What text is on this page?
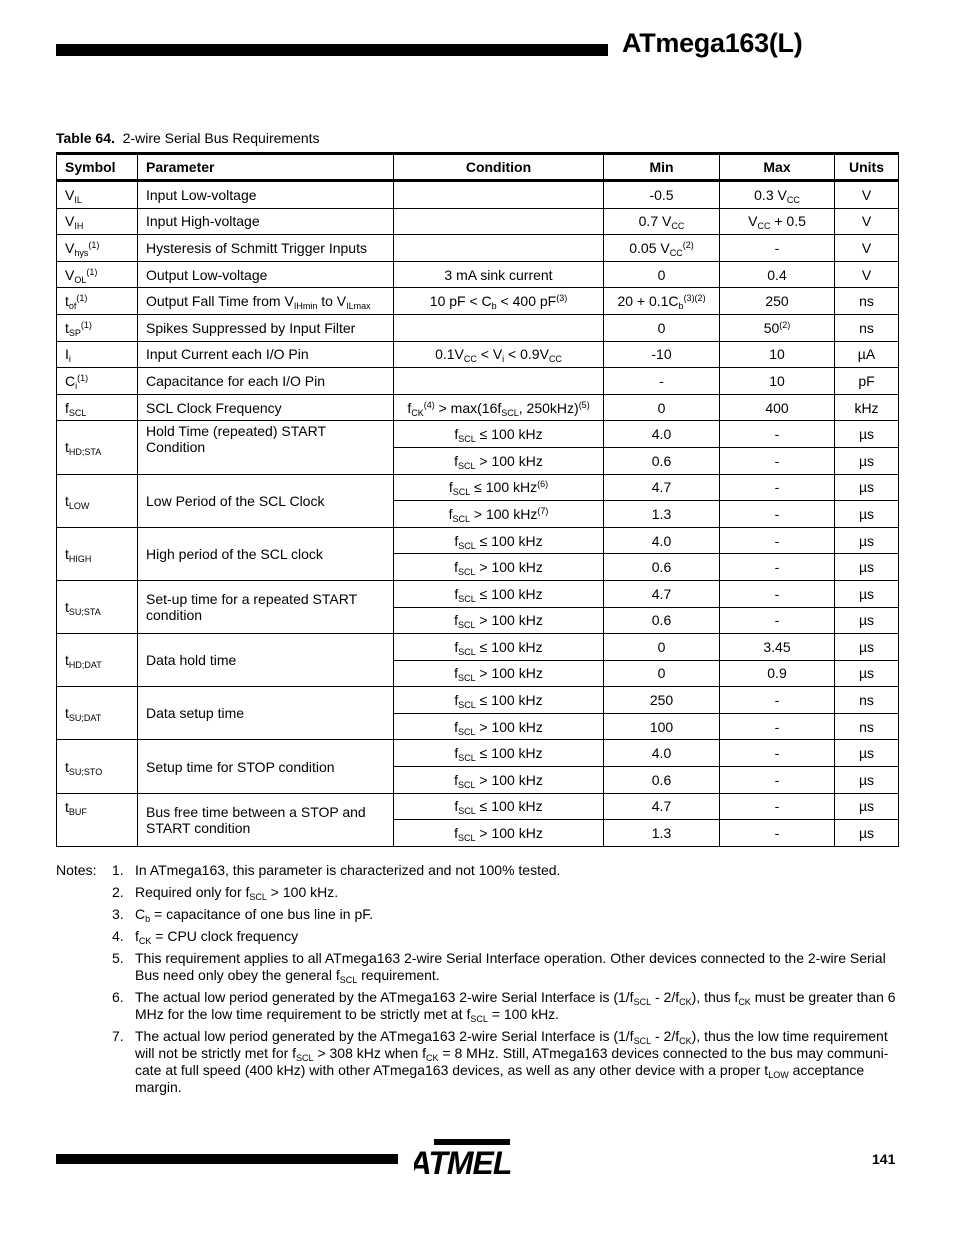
ATmega163(L)
Table 64. 2-wire Serial Bus Requirements
Symbol	Parameter	Condition	Min	Max	Units
$V_{IL}$	Input Low-voltage		-0.5	0.3 $V_{CC}$	V
$V_{IH}$	Input High-voltage		0.7 $V_{CC}$	$V_{CC} + 0.5$	V
$V_{hys}^{(1)}$	Hysteresis of Schmitt Trigger Inputs		0.05 $V_{CC}^{(2)}$	-	V
$V_{OL}^{(1)}$	Output Low-voltage	3 mA sink current	0	0.4	V
$t_{of}^{(1)}$	Output Fall Time from $V_{IHmin}$ to $V_{ILmax}$	10 pF < $C_b < 400$ $pF^{(3)}$	$20 + 0.1C_b^{(3)(2)}$	250	ns
$t_{SP}^{(1)}$	Spikes Suppressed by Input Filter		0	50$^{(2)}$	ns
$I_i$	Input Current each I/O Pin	$0.1V_{CC} < V_i < 0.9V_{CC}$	-10	10	µA
$C_i^{(1)}$	Capacitance for each I/O Pin		-	10	pF
$f_{SCL}$	SCL Clock Frequency	$f_{CK}^{(4)} > \max(16f_{SCL}$, 250kHz)$^{(5)}$	0	400	kHz
$t_{HD;STA}$	Hold Time (repeated) START Condition	$f_{SCL} \le 100$ kHz	4.0	-	µs
		$f_{SCL} > 100$ kHz	0.6	-	µs
$t_{LOW}$	Low Period of the SCL Clock	$f_{SCL} \le 100$ kHz$^{(6)}$	4.7	-	µs
		$f_{SCL} > 100$ kHz$^{(7)}$	1.3	-	µs
$t_{HIGH}$	High period of the SCL clock	$f_{SCL} \le 100$ kHz	4.0	-	µs
		$f_{SCL} > 100$ kHz	0.6	-	µs
$t_{SU;STA}$	Set-up time for a repeated START condition	$f_{SCL} \le 100$ kHz	4.7	-	µs
		$f_{SCL} > 100$ kHz	0.6	-	µs
$t_{HD;DAT}$	Data hold time	$f_{SCL} \le 100$ kHz	0	3.45	µs
		$f_{SCL} > 100$ kHz	0	0.9	µs
$t_{SU;DAT}$	Data setup time	$f_{SCL} \le 100$ kHz	250	-	ns
		$f_{SCL} > 100$ kHz	100	-	ns
$t_{SU;STO}$	Setup time for STOP condition	$f_{SCL} \le 100$ kHz	4.0	-	µs
		$f_{SCL} > 100$ kHz	0.6	-	µs
$t_{BUF}$	Bus free time between a STOP and START condition	$f_{SCL} \le 100$ kHz	4.7	-	µs
		$f_{SCL} > 100$ kHz	1.3	-	µs
Notes: 1. In ATmega163, this parameter is characterized and not 100% tested.
2. Required only for $f_{SCL} > 100$ kHz.
3. $C_b$ = capacitance of one bus line in pF.
4. $f_{CK}$ = CPU clock frequency
5. This requirement applies to all ATmega163 2-wire Serial Interface operation. Other devices connected to the 2-wire Serial Bus need only obey the general $f_{SCL}$ requirement.
6. The actual low period generated by the ATmega163 2-wire Serial Interface is $(1/f_{SCL} - 2/f_{CK})$, thus $f_{CK}$ must be greater than 6 MHz for the low time requirement to be strictly met at $f_{SCL} = 100$ kHz.
7. The actual low period generated by the ATmega163 2-wire Serial Interface is $(1/f_{SCL} - 2/f_{CK})$, thus the low time requirement will not be strictly met for $f_{SCL} > 308$ kHz when $f_{CK} = 8$ MHz. Still, ATmega163 devices connected to the bus may communi-cate at full speed (400 kHz) with other ATmega163 devices, as well as any other device with a proper $t_{LOW}$ acceptance margin.
ATMEL	141
